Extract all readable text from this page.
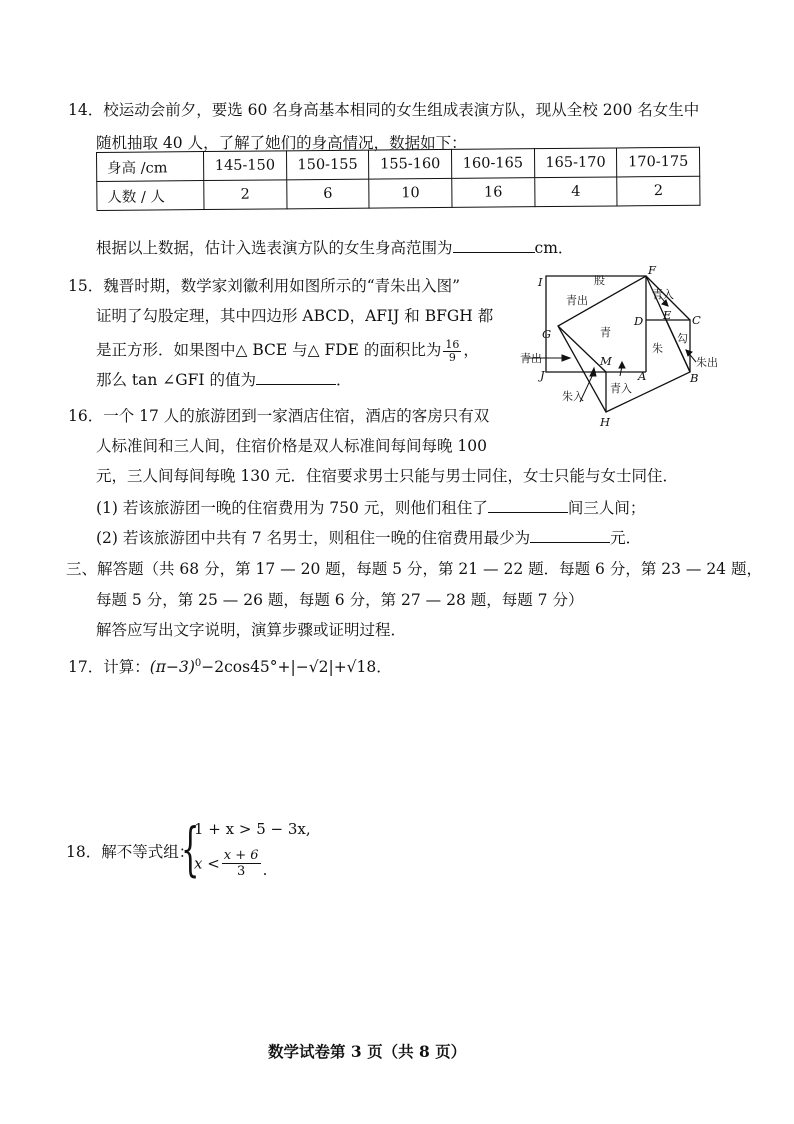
14．校运动会前夕，要选 60 名身高基本相同的女生组成表演方队，现从全校 200 名女生中
随机抽取 40 人，了解了她们的身高情况，数据如下：
身高 /cm	145-150	150-155	155-160	160-165	165-170	170-175
人数 / 人	2	6	10	16	4	2
根据以上数据，估计入选表演方队的女生身高范围为	cm．
15．魏晋时期，数学家刘徽利用如图所示的“青朱出入图”
证明了勾股定理，其中四边形 ABCD，AFIJ 和 BFGH 都
是正方形．如果图中△ BCE 与△ FDE 的面积比为 $\frac{16}{9}$ ，
那么 tan ∠GFI 的值为	．
I
F
G
D E C
J
M
A	B
H
股
青出	青入
青
朱
勾
朱出
青出
朱入
青入
16．一个 17 人的旅游团到一家酒店住宿，酒店的客房只有双
人标准间和三人间，住宿价格是双人标准间每间每晚 100
元，三人间每间每晚 130 元．住宿要求男士只能与男士同住，女士只能与女士同住．
(1) 若该旅游团一晚的住宿费用为 750 元，则他们租住了	间三人间；
(2) 若该旅游团中共有 7 名男士，则租住一晚的住宿费用最少为	元．
三、解答题（共 68 分，第 17 — 20 题，每题 5 分，第 21 — 22 题．每题 6 分，第 23 — 24 题，
每题 5 分，第 25 — 26 题，每题 6 分，第 27 — 28 题，每题 7 分）
解答应写出文字说明，演算步骤或证明过程．
17．计算：$(\pi-3)^0-2\cos 45^\circ+|-√2|+√18$．
18．解不等式组：
{
1 + x > 5 − 3x,
$x < \frac{x + 6}{3}$ .
数学试卷第 3 页（共 8 页）
